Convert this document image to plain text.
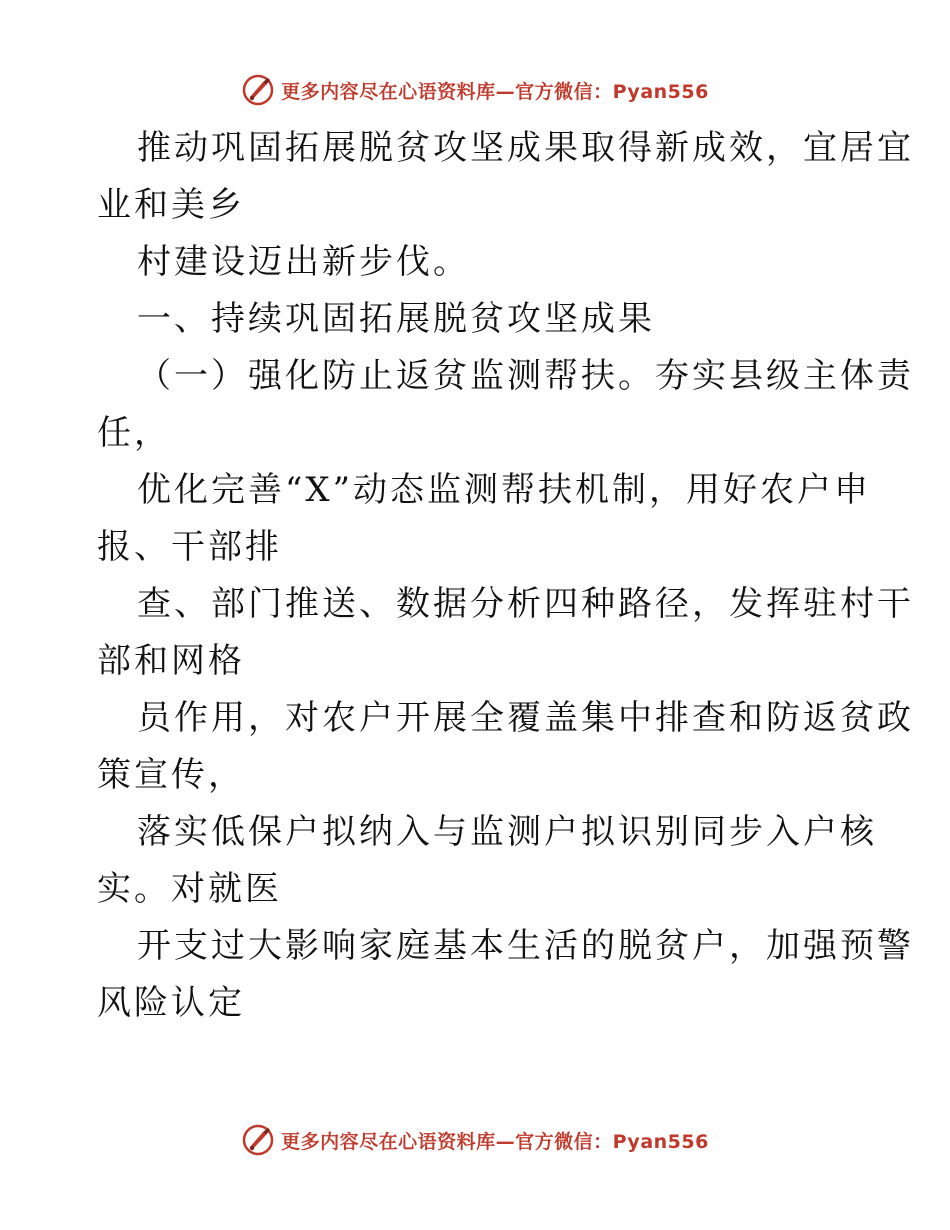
更多内容尽在心语资料库—官方微信：Pyan556
推动巩固拓展脱贫攻坚成果取得新成效，宜居宜
业和美乡
村建设迈出新步伐。
一、持续巩固拓展脱贫攻坚成果
（一）强化防止返贫监测帮扶。夯实县级主体责
任，
优化完善“X”动态监测帮扶机制，用好农户申
报、干部排
查、部门推送、数据分析四种路径，发挥驻村干
部和网格
员作用，对农户开展全覆盖集中排查和防返贫政
策宣传，
落实低保户拟纳入与监测户拟识别同步入户核
实。对就医
开支过大影响家庭基本生活的脱贫户，加强预警
风险认定
更多内容尽在心语资料库—官方微信：Pyan556
